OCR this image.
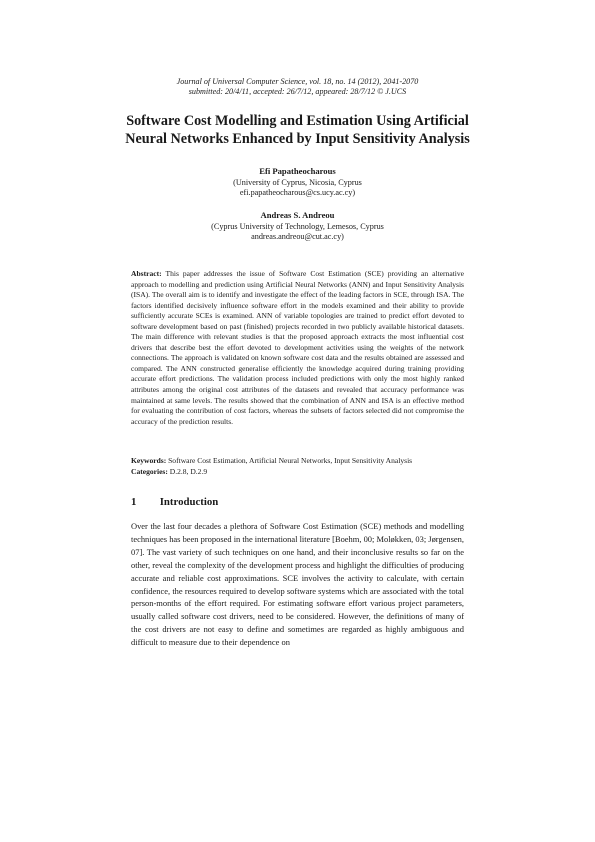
Journal of Universal Computer Science, vol. 18, no. 14 (2012), 2041-2070
submitted: 20/4/11, accepted: 26/7/12, appeared: 28/7/12 © J.UCS
Software Cost Modelling and Estimation Using Artificial
Neural Networks Enhanced by Input Sensitivity Analysis
Efi Papatheocharous
(University of Cyprus, Nicosia, Cyprus
efi.papatheocharous@cs.ucy.ac.cy)
Andreas S. Andreou
(Cyprus University of Technology, Lemesos, Cyprus
andreas.andreou@cut.ac.cy)
Abstract: This paper addresses the issue of Software Cost Estimation (SCE) providing an alternative approach to modelling and prediction using Artificial Neural Networks (ANN) and Input Sensitivity Analysis (ISA). The overall aim is to identify and investigate the effect of the leading factors in SCE, through ISA. The factors identified decisively influence software effort in the models examined and their ability to provide sufficiently accurate SCEs is examined. ANN of variable topologies are trained to predict effort devoted to software development based on past (finished) projects recorded in two publicly available historical datasets. The main difference with relevant studies is that the proposed approach extracts the most influential cost drivers that describe best the effort devoted to development activities using the weights of the network connections. The approach is validated on known software cost data and the results obtained are assessed and compared. The ANN constructed generalise efficiently the knowledge acquired during training providing accurate effort predictions. The validation process included predictions with only the most highly ranked attributes among the original cost attributes of the datasets and revealed that accuracy performance was maintained at same levels. The results showed that the combination of ANN and ISA is an effective method for evaluating the contribution of cost factors, whereas the subsets of factors selected did not compromise the accuracy of the prediction results.
Keywords: Software Cost Estimation, Artificial Neural Networks, Input Sensitivity Analysis
Categories: D.2.8, D.2.9
1 Introduction
Over the last four decades a plethora of Software Cost Estimation (SCE) methods and modelling techniques has been proposed in the international literature [Boehm, 00; Moløkken, 03; Jørgensen, 07]. The vast variety of such techniques on one hand, and their inconclusive results so far on the other, reveal the complexity of the development process and highlight the difficulties of producing accurate and reliable cost approximations. SCE involves the activity to calculate, with certain confidence, the resources required to develop software systems which are associated with the total person-months of the effort required. For estimating software effort various project parameters, usually called software cost drivers, need to be considered. However, the definitions of many of the cost drivers are not easy to define and sometimes are regarded as highly ambiguous and difficult to measure due to their dependence on
